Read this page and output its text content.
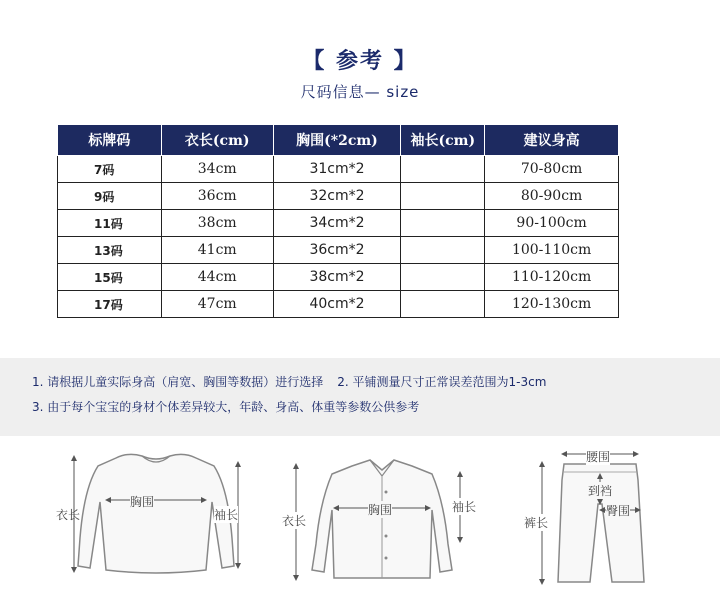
【 参考 】
尺码信息— size
标牌码	衣长(cm)	胸围(*2cm)	袖长(cm)	建议身高
7码	34cm	31cm*2		70-80cm
9码	36cm	32cm*2		80-90cm
11码	38cm	34cm*2		90-100cm
13码	41cm	36cm*2		100-110cm
15码	44cm	38cm*2		110-120cm
17码	47cm	40cm*2		120-130cm
1. 请根据儿童实际身高（肩宽、胸围等数据）进行选择 2. 平铺测量尺寸正常误差范围为1-3cm
3. 由于每个宝宝的身材个体差异较大，年龄、身高、体重等参数公供参考
衣长
胸围
袖长	衣长
胸围	袖长
腰围
到裆
臀围
裤长
